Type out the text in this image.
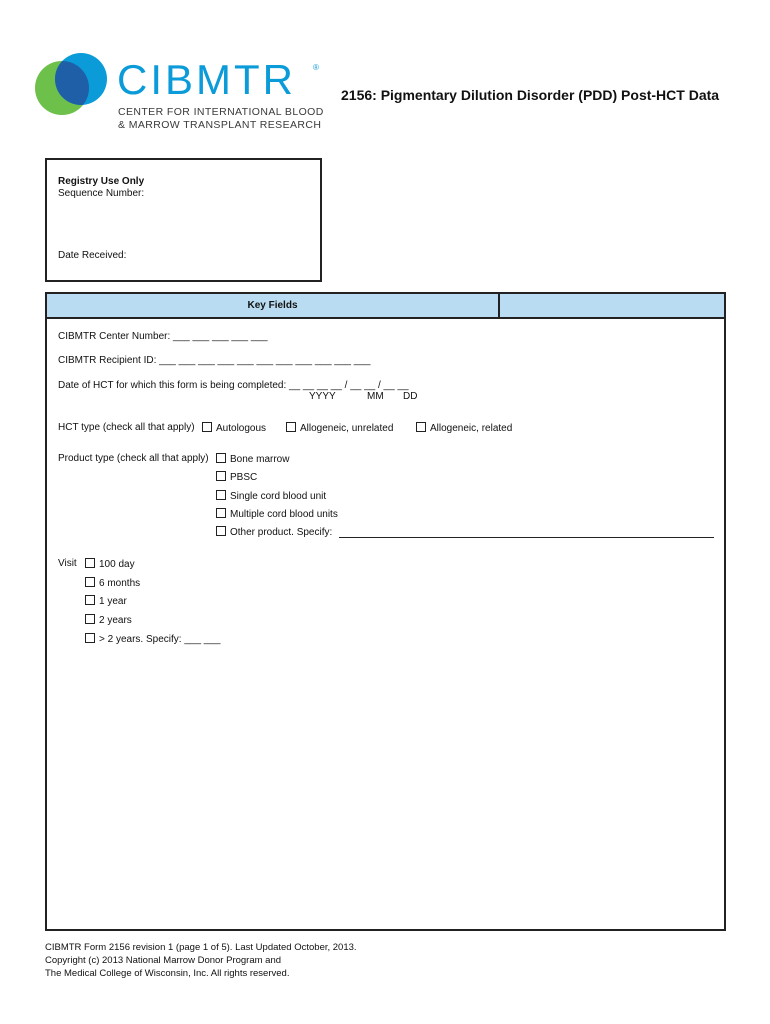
CIBMTR ®
CENTER FOR INTERNATIONAL BLOOD
& MARROW TRANSPLANT RESEARCH
2156: Pigmentary Dilution Disorder (PDD) Post-HCT Data
Registry Use Only
Sequence Number:
Date Received:
Key Fields
CIBMTR Center Number: ___ ___ ___ ___ ___
CIBMTR Recipient ID: ___ ___ ___ ___ ___ ___ ___ ___ ___ ___ ___
Date of HCT for which this form is being completed: __ __ __ __ / __ __ / __ __
YYYY	MM DD
HCT type (check all that apply)	Autologous	Allogeneic, unrelated	Allogeneic, related
Product type (check all that apply)	Bone marrow
PBSC
Single cord blood unit
Multiple cord blood units
Other product. Specify:
Visit	100 day
6 months
1 year
2 years
> 2 years. Specify: ___ ___
CIBMTR Form 2156 revision 1 (page 1 of 5). Last Updated October, 2013.
Copyright (c) 2013 National Marrow Donor Program and
The Medical College of Wisconsin, Inc. All rights reserved.
